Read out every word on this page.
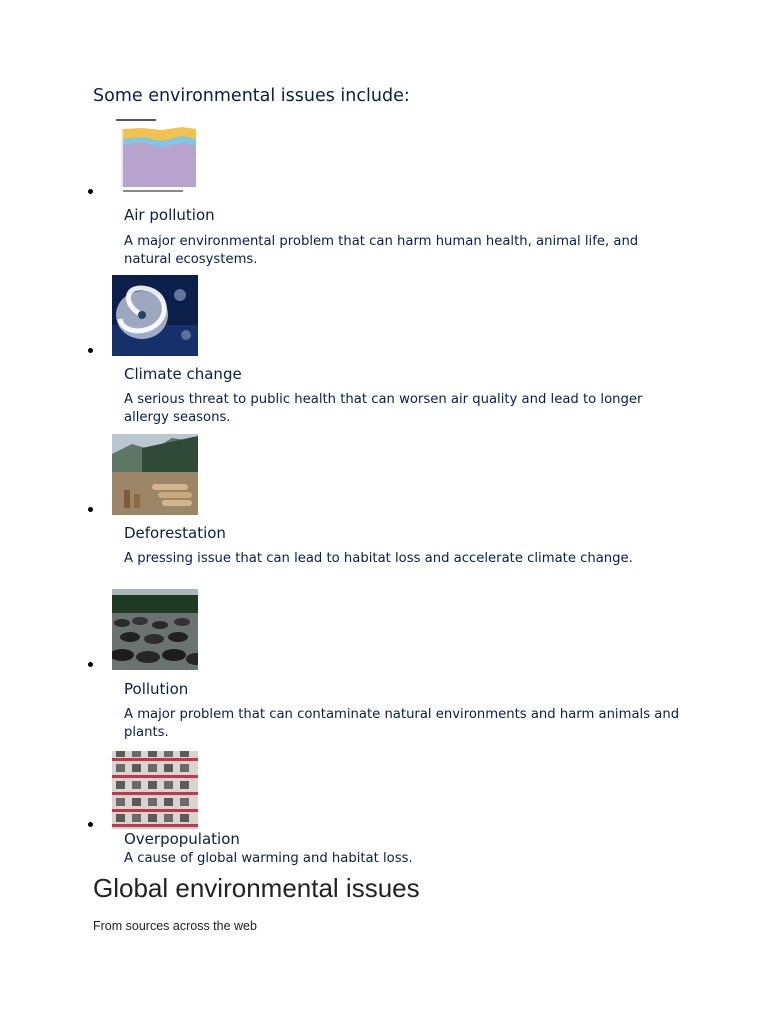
Some environmental issues include:
Air pollution
A major environmental problem that can harm human health, animal life, and natural ecosystems.
Climate change
A serious threat to public health that can worsen air quality and lead to longer allergy seasons.
Deforestation
A pressing issue that can lead to habitat loss and accelerate climate change.
Pollution
A major problem that can contaminate natural environments and harm animals and plants.
Overpopulation
A cause of global warming and habitat loss.
Global environmental issues
From sources across the web
